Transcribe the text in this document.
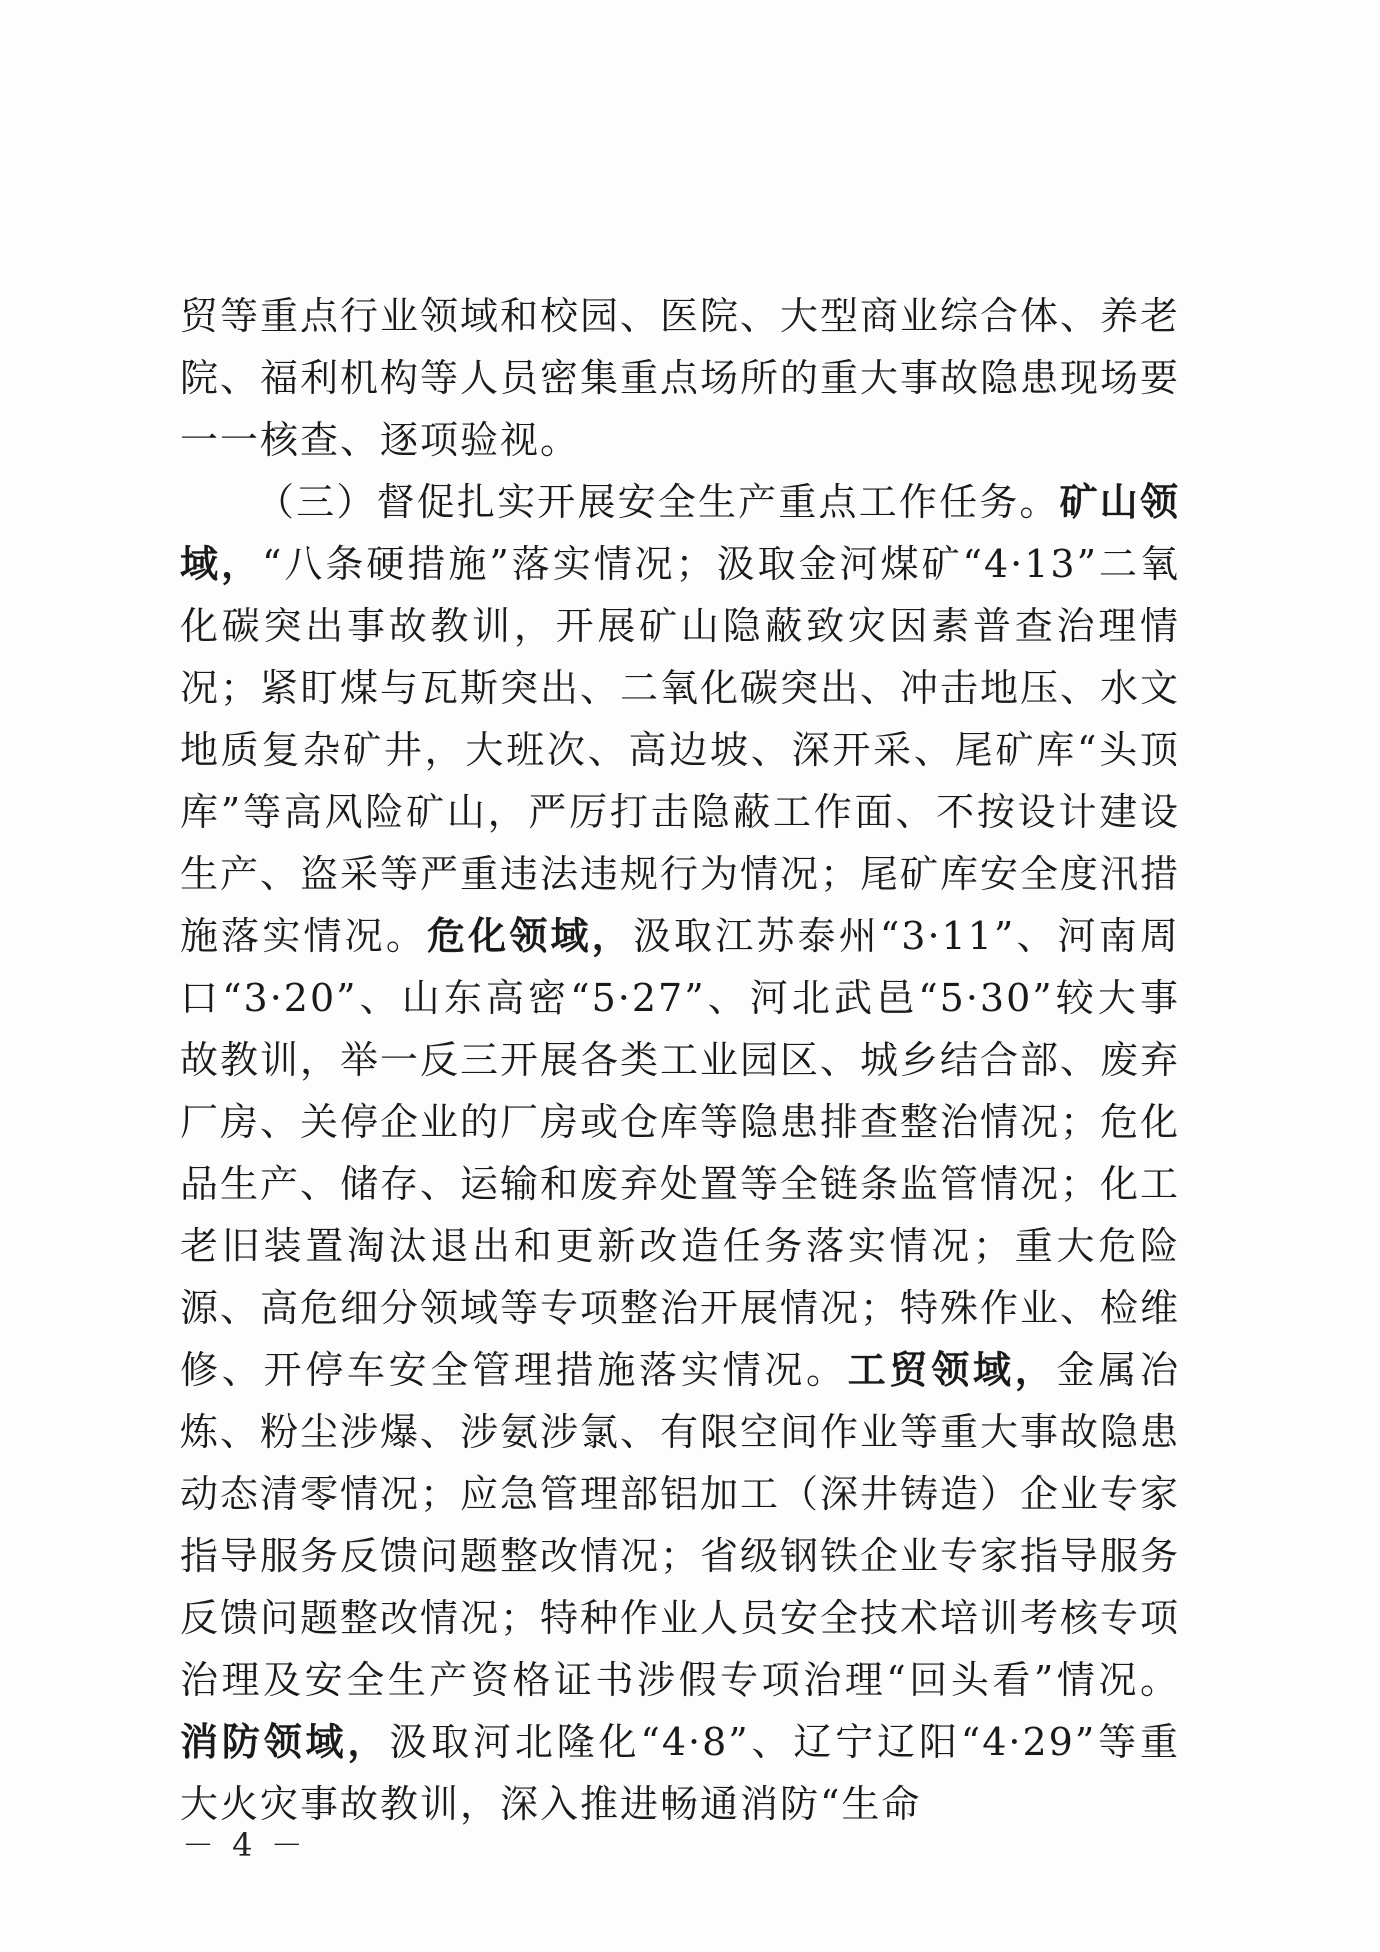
贸等重点行业领域和校园、医院、大型商业综合体、养老院、福利机构等人员密集重点场所的重大事故隐患现场要一一核查、逐项验视。

（三）督促扎实开展安全生产重点工作任务。矿山领域，“八条硬措施”落实情况；汲取金河煤矿“4·13”二氧化碳突出事故教训，开展矿山隐蔽致灾因素普查治理情况；紧盯煤与瓦斯突出、二氧化碳突出、冲击地压、水文地质复杂矿井，大班次、高边坡、深开采、尾矿库“头顶库”等高风险矿山，严厉打击隐蔽工作面、不按设计建设生产、盗采等严重违法违规行为情况；尾矿库安全度汛措施落实情况。危化领域，汲取江苏泰州“3·11”、河南周口“3·20”、山东高密“5·27”、河北武邑“5·30”较大事故教训，举一反三开展各类工业园区、城乡结合部、废弃厂房、关停企业的厂房或仓库等隐患排查整治情况；危化品生产、储存、运输和废弃处置等全链条监管情况；化工老旧装置淘汰退出和更新改造任务落实情况；重大危险源、高危细分领域等专项整治开展情况；特殊作业、检维修、开停车安全管理措施落实情况。工贸领域，金属冶炼、粉尘涉爆、涉氨涉氯、有限空间作业等重大事故隐患动态清零情况；应急管理部铝加工（深井铸造）企业专家指导服务反馈问题整改情况；省级钢铁企业专家指导服务反馈问题整改情况；特种作业人员安全技术培训考核专项治理及安全生产资格证书涉假专项治理“回头看”情况。消防领域，汲取河北隆化“4·8”、辽宁辽阳“4·29”等重大火灾事故教训，深入推进畅通消防“生命

－ 4 －
